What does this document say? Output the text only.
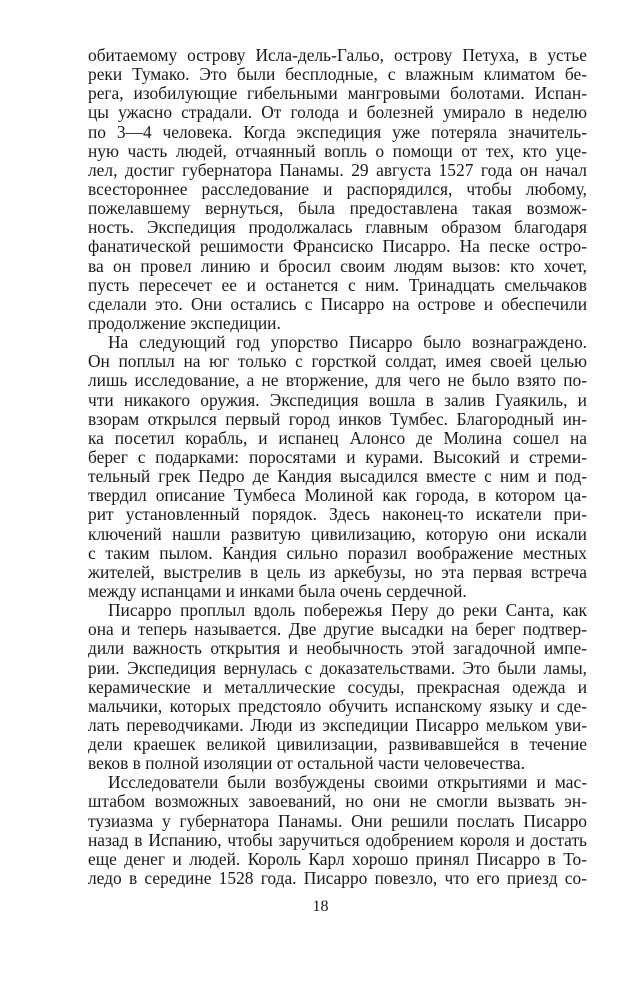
обитаемому острову Исла-дель-Гальо, острову Петуха, в устье
реки Тумако. Это были бесплодные, с влажным климатом бе-
рега, изобилующие гибельными мангровыми болотами. Испан-
цы ужасно страдали. От голода и болезней умирало в неделю
по 3—4 человека. Когда экспедиция уже потеряла значитель-
ную часть людей, отчаянный вопль о помощи от тех, кто уце-
лел, достиг губернатора Панамы. 29 августа 1527 года он начал
всестороннее расследование и распорядился, чтобы любому,
пожелавшему вернуться, была предоставлена такая возмож-
ность. Экспедиция продолжалась главным образом благодаря
фанатической решимости Франсиско Писарро. На песке остро-
ва он провел линию и бросил своим людям вызов: кто хочет,
пусть пересечет ее и останется с ним. Тринадцать смельчаков
сделали это. Они остались с Писарро на острове и обеспечили
продолжение экспедиции.
На следующий год упорство Писарро было вознаграждено.
Он поплыл на юг только с горсткой солдат, имея своей целью
лишь исследование, а не вторжение, для чего не было взято по-
чти никакого оружия. Экспедиция вошла в залив Гуаякиль, и
взорам открылся первый город инков Тумбес. Благородный ин-
ка посетил корабль, и испанец Алонсо де Молина сошел на
берег с подарками: поросятами и курами. Высокий и стреми-
тельный грек Педро де Кандия высадился вместе с ним и под-
твердил описание Тумбеса Молиной как города, в котором ца-
рит установленный порядок. Здесь наконец-то искатели при-
ключений нашли развитую цивилизацию, которую они искали
с таким пылом. Кандия сильно поразил воображение местных
жителей, выстрелив в цель из аркебузы, но эта первая встреча
между испанцами и инками была очень сердечной.
Писарро проплыл вдоль побережья Перу до реки Санта, как
она и теперь называется. Две другие высадки на берег подтвер-
дили важность открытия и необычность этой загадочной импе-
рии. Экспедиция вернулась с доказательствами. Это были ламы,
керамические и металлические сосуды, прекрасная одежда и
мальчики, которых предстояло обучить испанскому языку и сде-
лать переводчиками. Люди из экспедиции Писарро мельком уви-
дели краешек великой цивилизации, развивавшейся в течение
веков в полной изоляции от остальной части человечества.
Исследователи были возбуждены своими открытиями и мас-
штабом возможных завоеваний, но они не смогли вызвать эн-
тузиазма у губернатора Панамы. Они решили послать Писарро
назад в Испанию, чтобы заручиться одобрением короля и достать
еще денег и людей. Король Карл хорошо принял Писарро в То-
ледо в середине 1528 года. Писарро повезло, что его приезд со-
18
